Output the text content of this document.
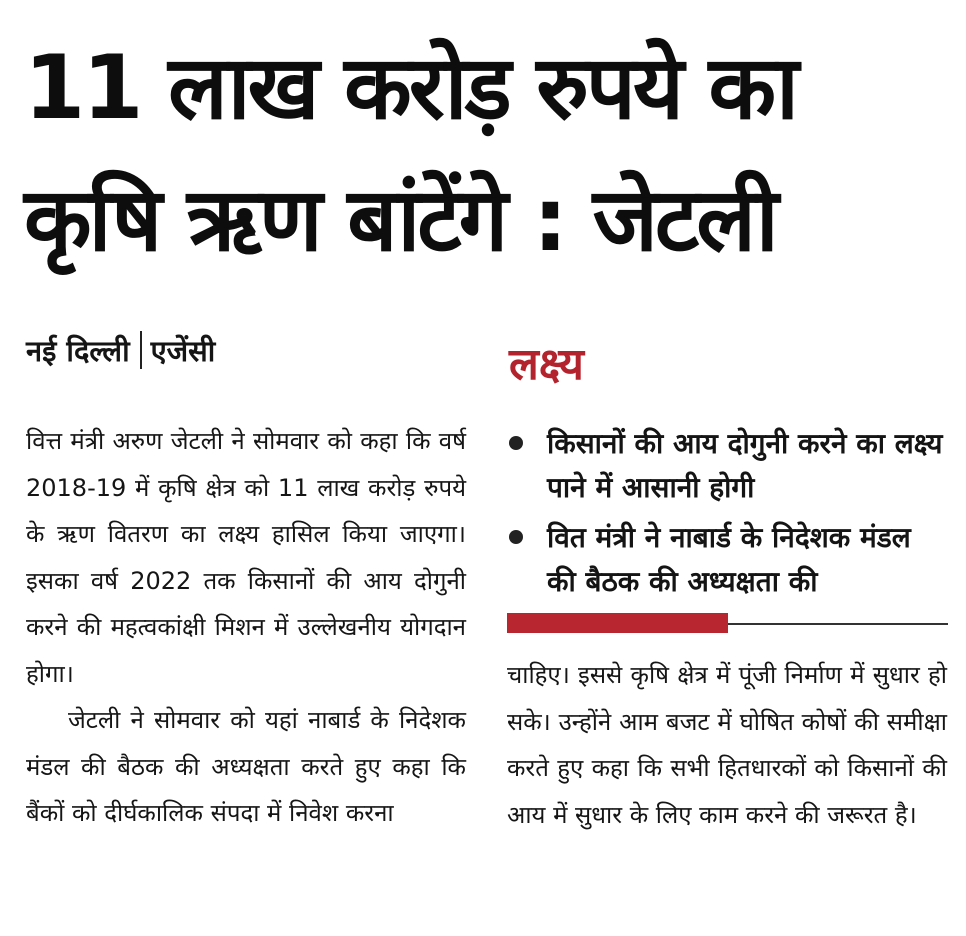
11 लाख करोड़ रुपये का
कृषि ऋण बांटेंगे : जेटली
नई दिल्ली एजेंसी

वित्त मंत्री अरुण जेटली ने सोमवार को कहा कि वर्ष 2018-19 में कृषि क्षेत्र को 11 लाख करोड़ रुपये के ऋण वितरण का लक्ष्य हासिल किया जाएगा। इसका वर्ष 2022 तक किसानों की आय दोगुनी करने की महत्वकांक्षी मिशन में उल्लेखनीय योगदान होगा।

जेटली ने सोमवार को यहां नाबार्ड के निदेशक मंडल की बैठक की अध्यक्षता करते हुए कहा कि बैंकों को दीर्घकालिक संपदा में निवेश करना

लक्ष्य
किसानों की आय दोगुनी करने का लक्ष्य पाने में आसानी होगी
वित मंत्री ने नाबार्ड के निदेशक मंडल की बैठक की अध्यक्षता की

चाहिए। इससे कृषि क्षेत्र में पूंजी निर्माण में सुधार हो सके। उन्होंने आम बजट में घोषित कोषों की समीक्षा करते हुए कहा कि सभी हितधारकों को किसानों की आय में सुधार के लिए काम करने की जरूरत है।
